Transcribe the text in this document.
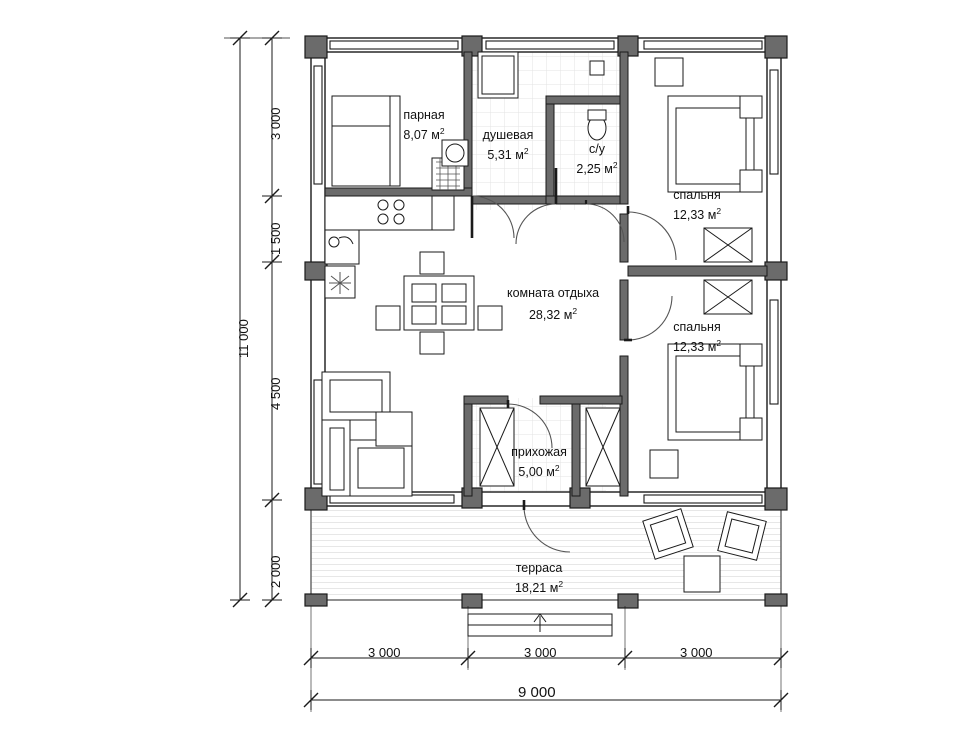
парная
8,07 $м^2$	душевая
5,31 $м^2$	с/у
2,25 $м^2$
спальня
12,33 $м^2$
спальня
12,33 $м^2$
комната отдыха
28,32 $м^2$
прихожая
5,00 $м^2$
терраса
18,21 $м^2$
3 000
1 500
4 500
2 000
11 000
3 000	3 000	3 000
9 000
